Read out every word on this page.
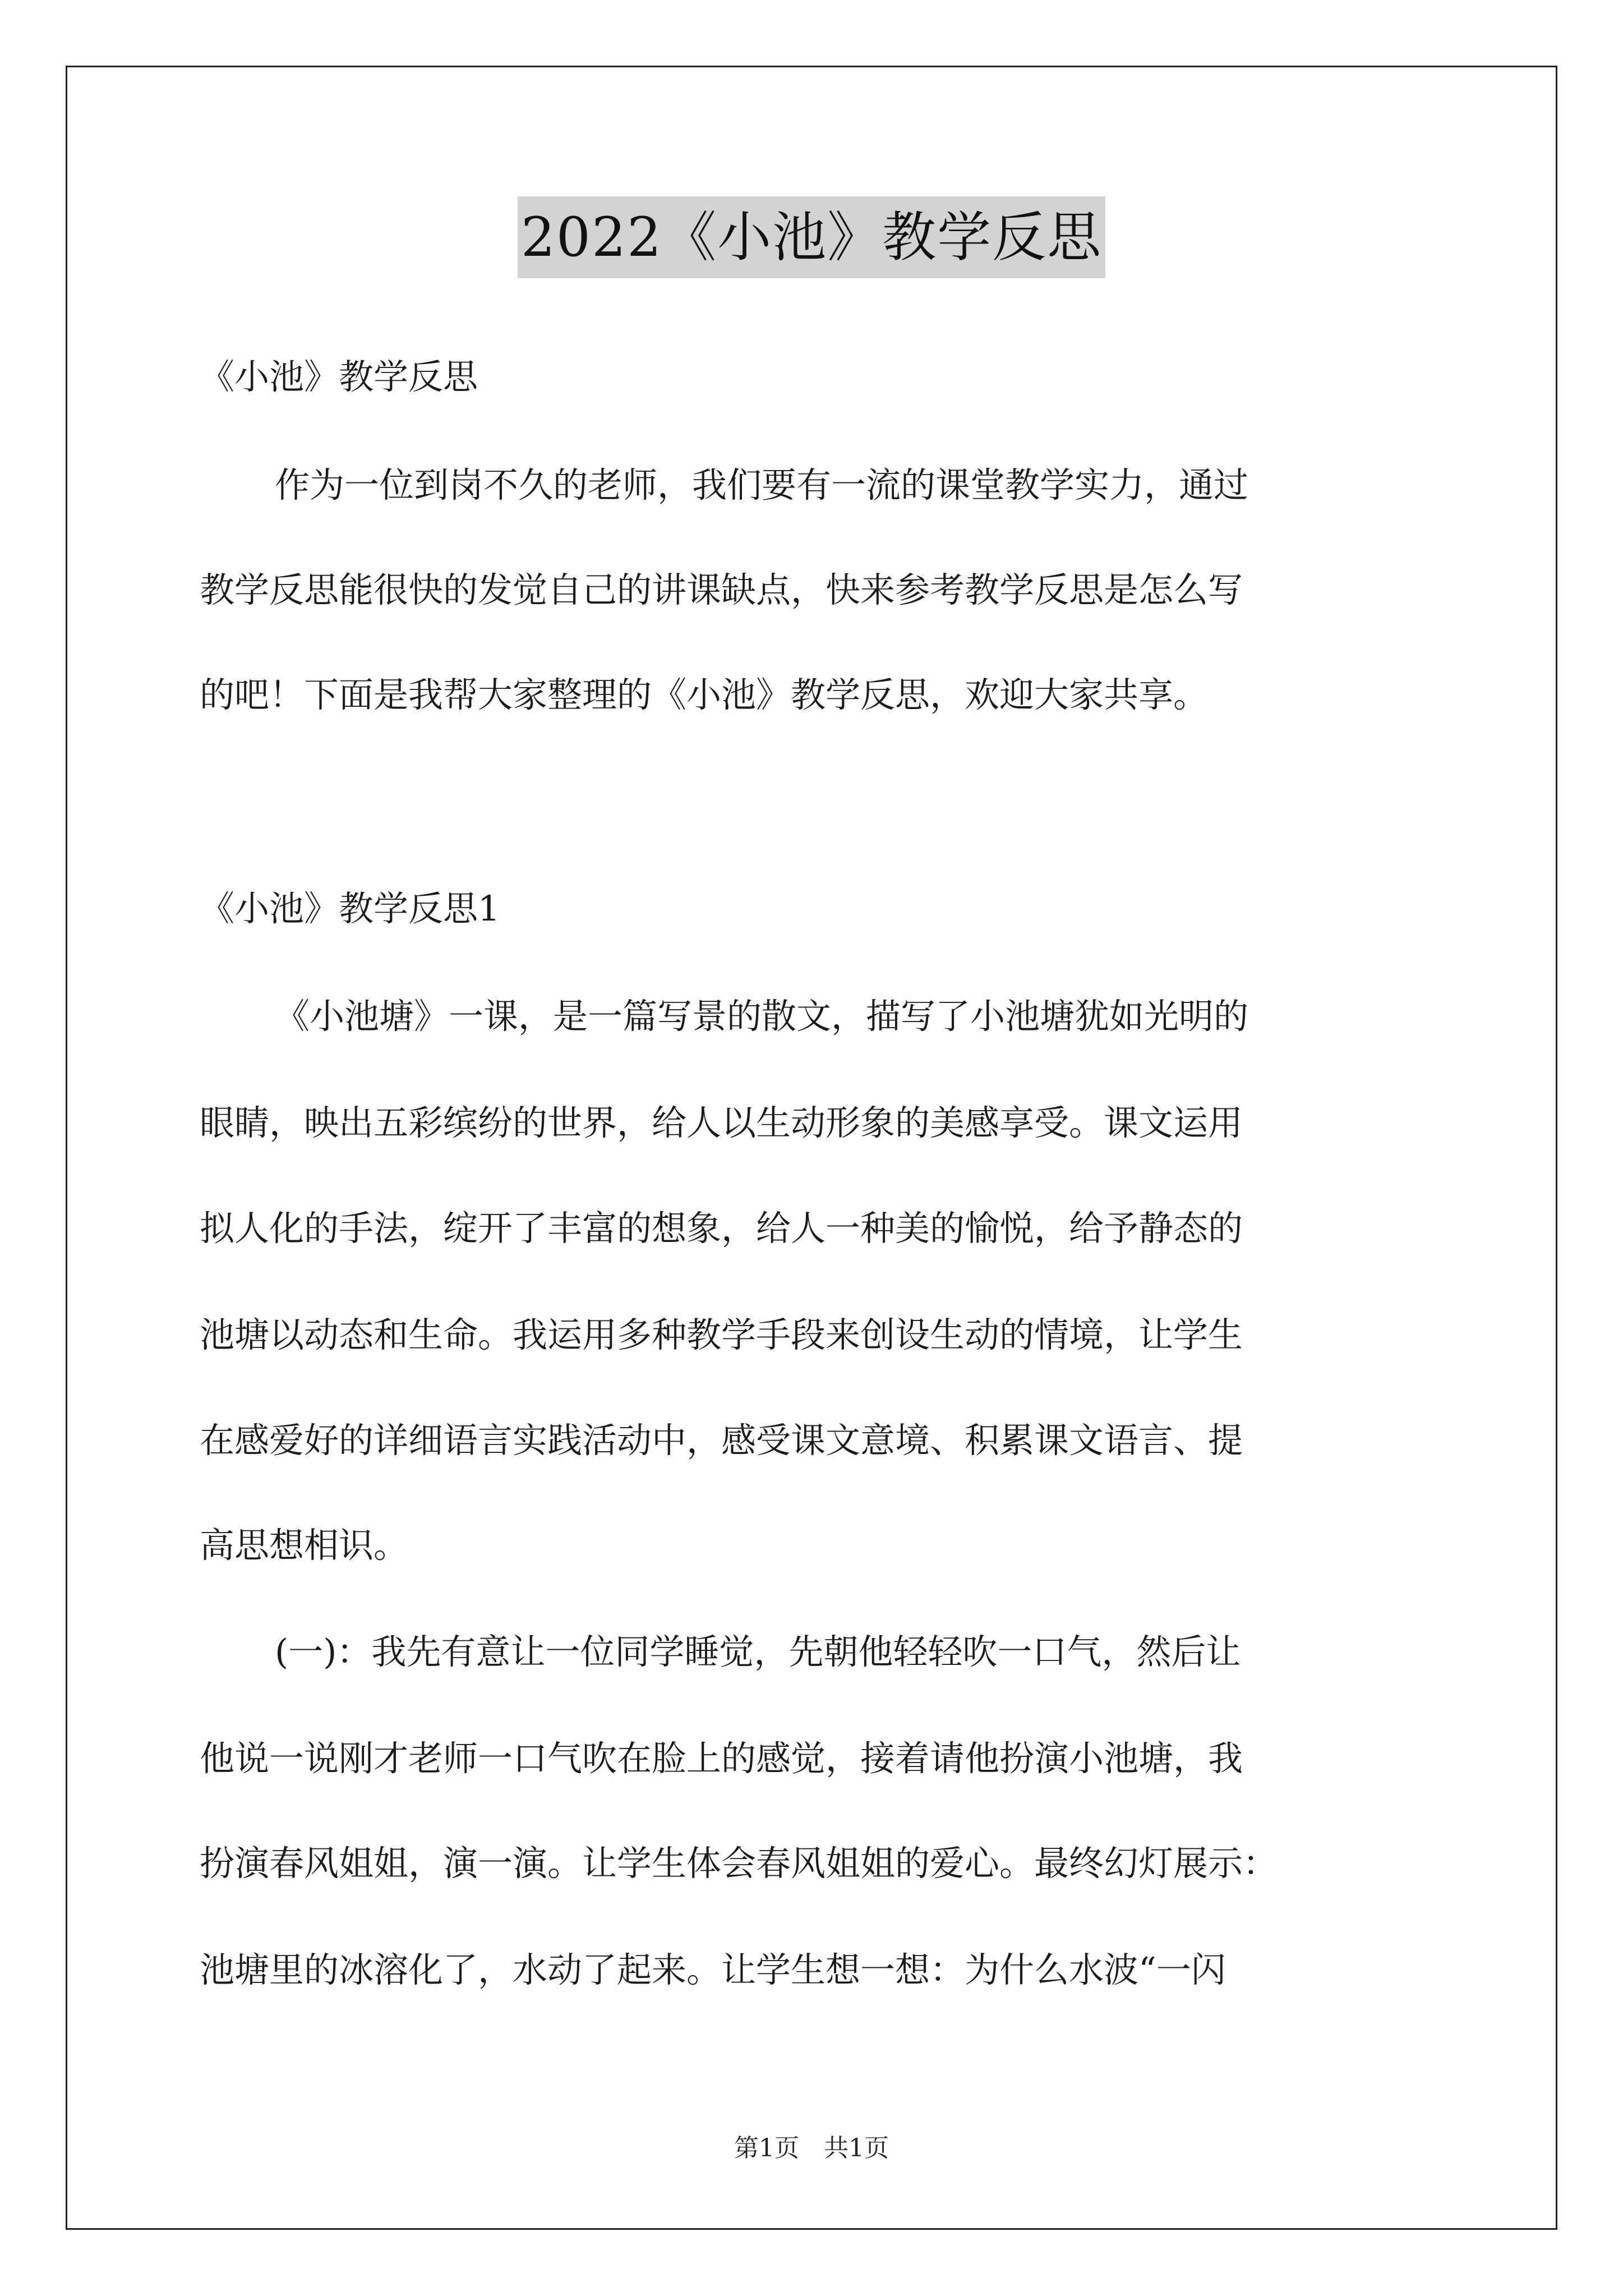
2022《小池》教学反思
《小池》教学反思
作为一位到岗不久的老师，我们要有一流的课堂教学实力，通过
教学反思能很快的发觉自己的讲课缺点，快来参考教学反思是怎么写
的吧！下面是我帮大家整理的《小池》教学反思，欢迎大家共享。
《小池》教学反思1
《小池塘》一课，是一篇写景的散文，描写了小池塘犹如光明的
眼睛，映出五彩缤纷的世界，给人以生动形象的美感享受。课文运用
拟人化的手法，绽开了丰富的想象，给人一种美的愉悦，给予静态的
池塘以动态和生命。我运用多种教学手段来创设生动的情境，让学生
在感爱好的详细语言实践活动中，感受课文意境、积累课文语言、提
高思想相识。
(一)：我先有意让一位同学睡觉，先朝他轻轻吹一口气，然后让
他说一说刚才老师一口气吹在脸上的感觉，接着请他扮演小池塘，我
扮演春风姐姐，演一演。让学生体会春风姐姐的爱心。最终幻灯展示：
池塘里的冰溶化了，水动了起来。让学生想一想：为什么水波“一闪
第1页 共1页
